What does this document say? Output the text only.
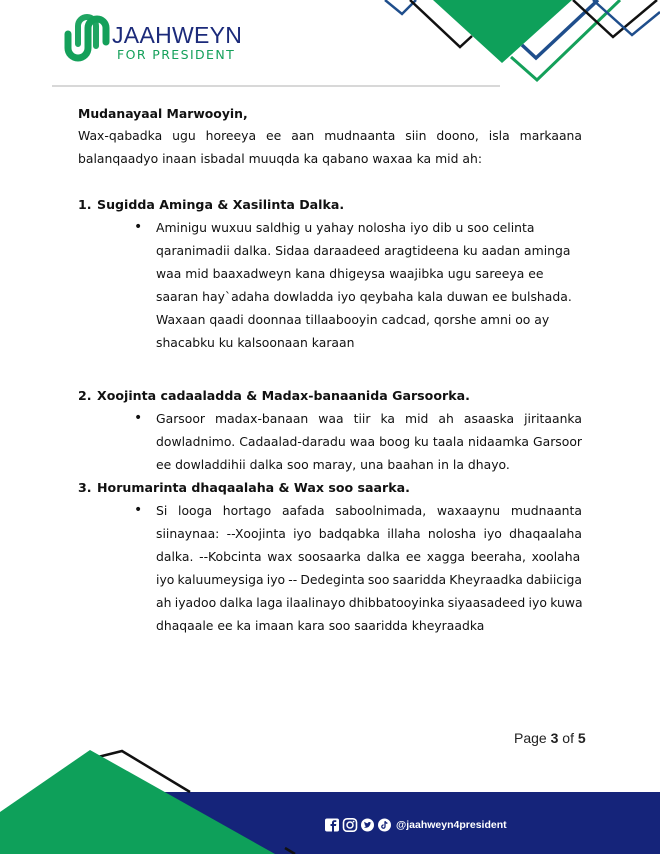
JAAHWEYN
FOR PRESIDENT
Mudanayaal Marwooyin,
Wax-qabadka ugu horeeya ee aan mudnaanta siin doono, isla markaana
balanqaadyo inaan isbadal muuqda ka qabano waxaa ka mid ah:
1. Sugidda Aminga & Xasilinta Dalka.
• Aminigu wuxuu saldhig u yahay nolosha iyo dib u soo celinta
qaranimadii dalka. Sidaa daraadeed aragtideena ku aadan aminga
waa mid baaxadweyn kana dhigeysa waajibka ugu sareeya ee
saaran hay`adaha dowladda iyo qeybaha kala duwan ee bulshada.
Waxaan qaadi doonnaa tillaabooyin cadcad, qorshe amni oo ay
shacabku ku kalsoonaan karaan
2. Xoojinta cadaaladda & Madax-banaanida Garsoorka.
• Garsoor madax-banaan waa tiir ka mid ah asaaska jiritaanka
dowladnimo. Cadaalad-daradu waa boog ku taala nidaamka Garsoor
ee dowladdihii dalka soo maray, una baahan in la dhayo.
3. Horumarinta dhaqaalaha & Wax soo saarka.
• Si looga hortago aafada saboolnimada, waxaaynu mudnaanta
siinaynaa: --Xoojinta iyo badqabka illaha nolosha iyo dhaqaalaha
dalka. --Kobcinta wax soosaarka dalka ee xagga beeraha, xoolaha
iyo kaluumeysiga iyo -- Dedeginta soo saaridda Kheyraadka dabiiciga
ah iyadoo dalka laga ilaalinayo dhibbatooyinka siyaasadeed iyo kuwa
dhaqaale ee ka imaan kara soo saaridda kheyraadka
Page 3 of 5
@jaahweyn4president
